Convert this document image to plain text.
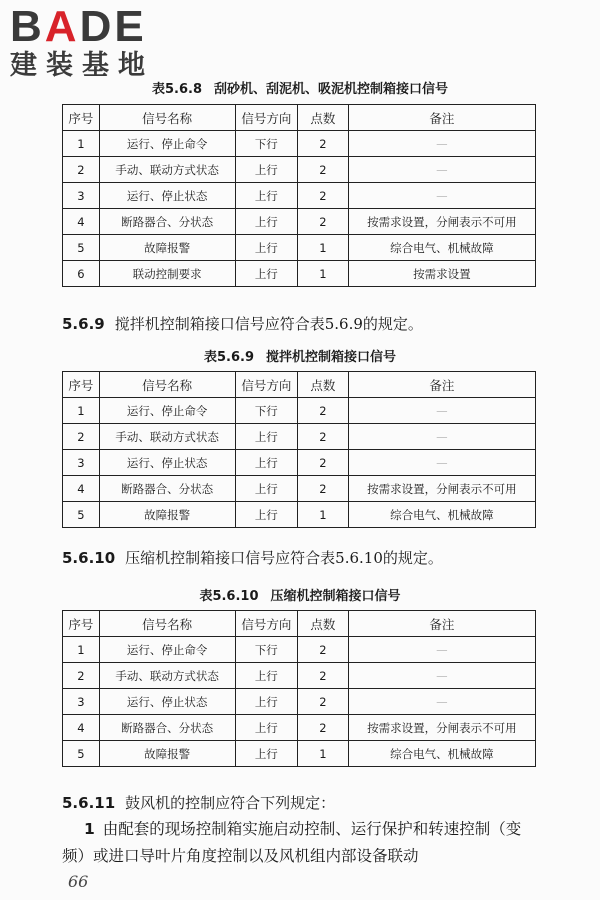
BADE
建装基地
表5.6.8 刮砂机、刮泥机、吸泥机控制箱接口信号
序号	信号名称	信号方向	点数	备注
1	运行、停止命令	下行	2	—
2	手动、联动方式状态	上行	2	—
3	运行、停止状态	上行	2	—
4	断路器合、分状态	上行	2	按需求设置，分闸表示不可用
5	故障报警	上行	1	综合电气、机械故障
6	联动控制要求	上行	1	按需求设置
5.6.9 搅拌机控制箱接口信号应符合表5.6.9的规定。
表5.6.9 搅拌机控制箱接口信号
序号	信号名称	信号方向	点数	备注
1	运行、停止命令	下行	2	—
2	手动、联动方式状态	上行	2	—
3	运行、停止状态	上行	2	—
4	断路器合、分状态	上行	2	按需求设置，分闸表示不可用
5	故障报警	上行	1	综合电气、机械故障
5.6.10 压缩机控制箱接口信号应符合表5.6.10的规定。
表5.6.10 压缩机控制箱接口信号
序号	信号名称	信号方向	点数	备注
1	运行、停止命令	下行	2	—
2	手动、联动方式状态	上行	2	—
3	运行、停止状态	上行	2	—
4	断路器合、分状态	上行	2	按需求设置，分闸表示不可用
5	故障报警	上行	1	综合电气、机械故障
5.6.11 鼓风机的控制应符合下列规定：
1 由配套的现场控制箱实施启动控制、运行保护和转速控制（变频）或进口导叶片角度控制以及风机组内部设备联动
66
